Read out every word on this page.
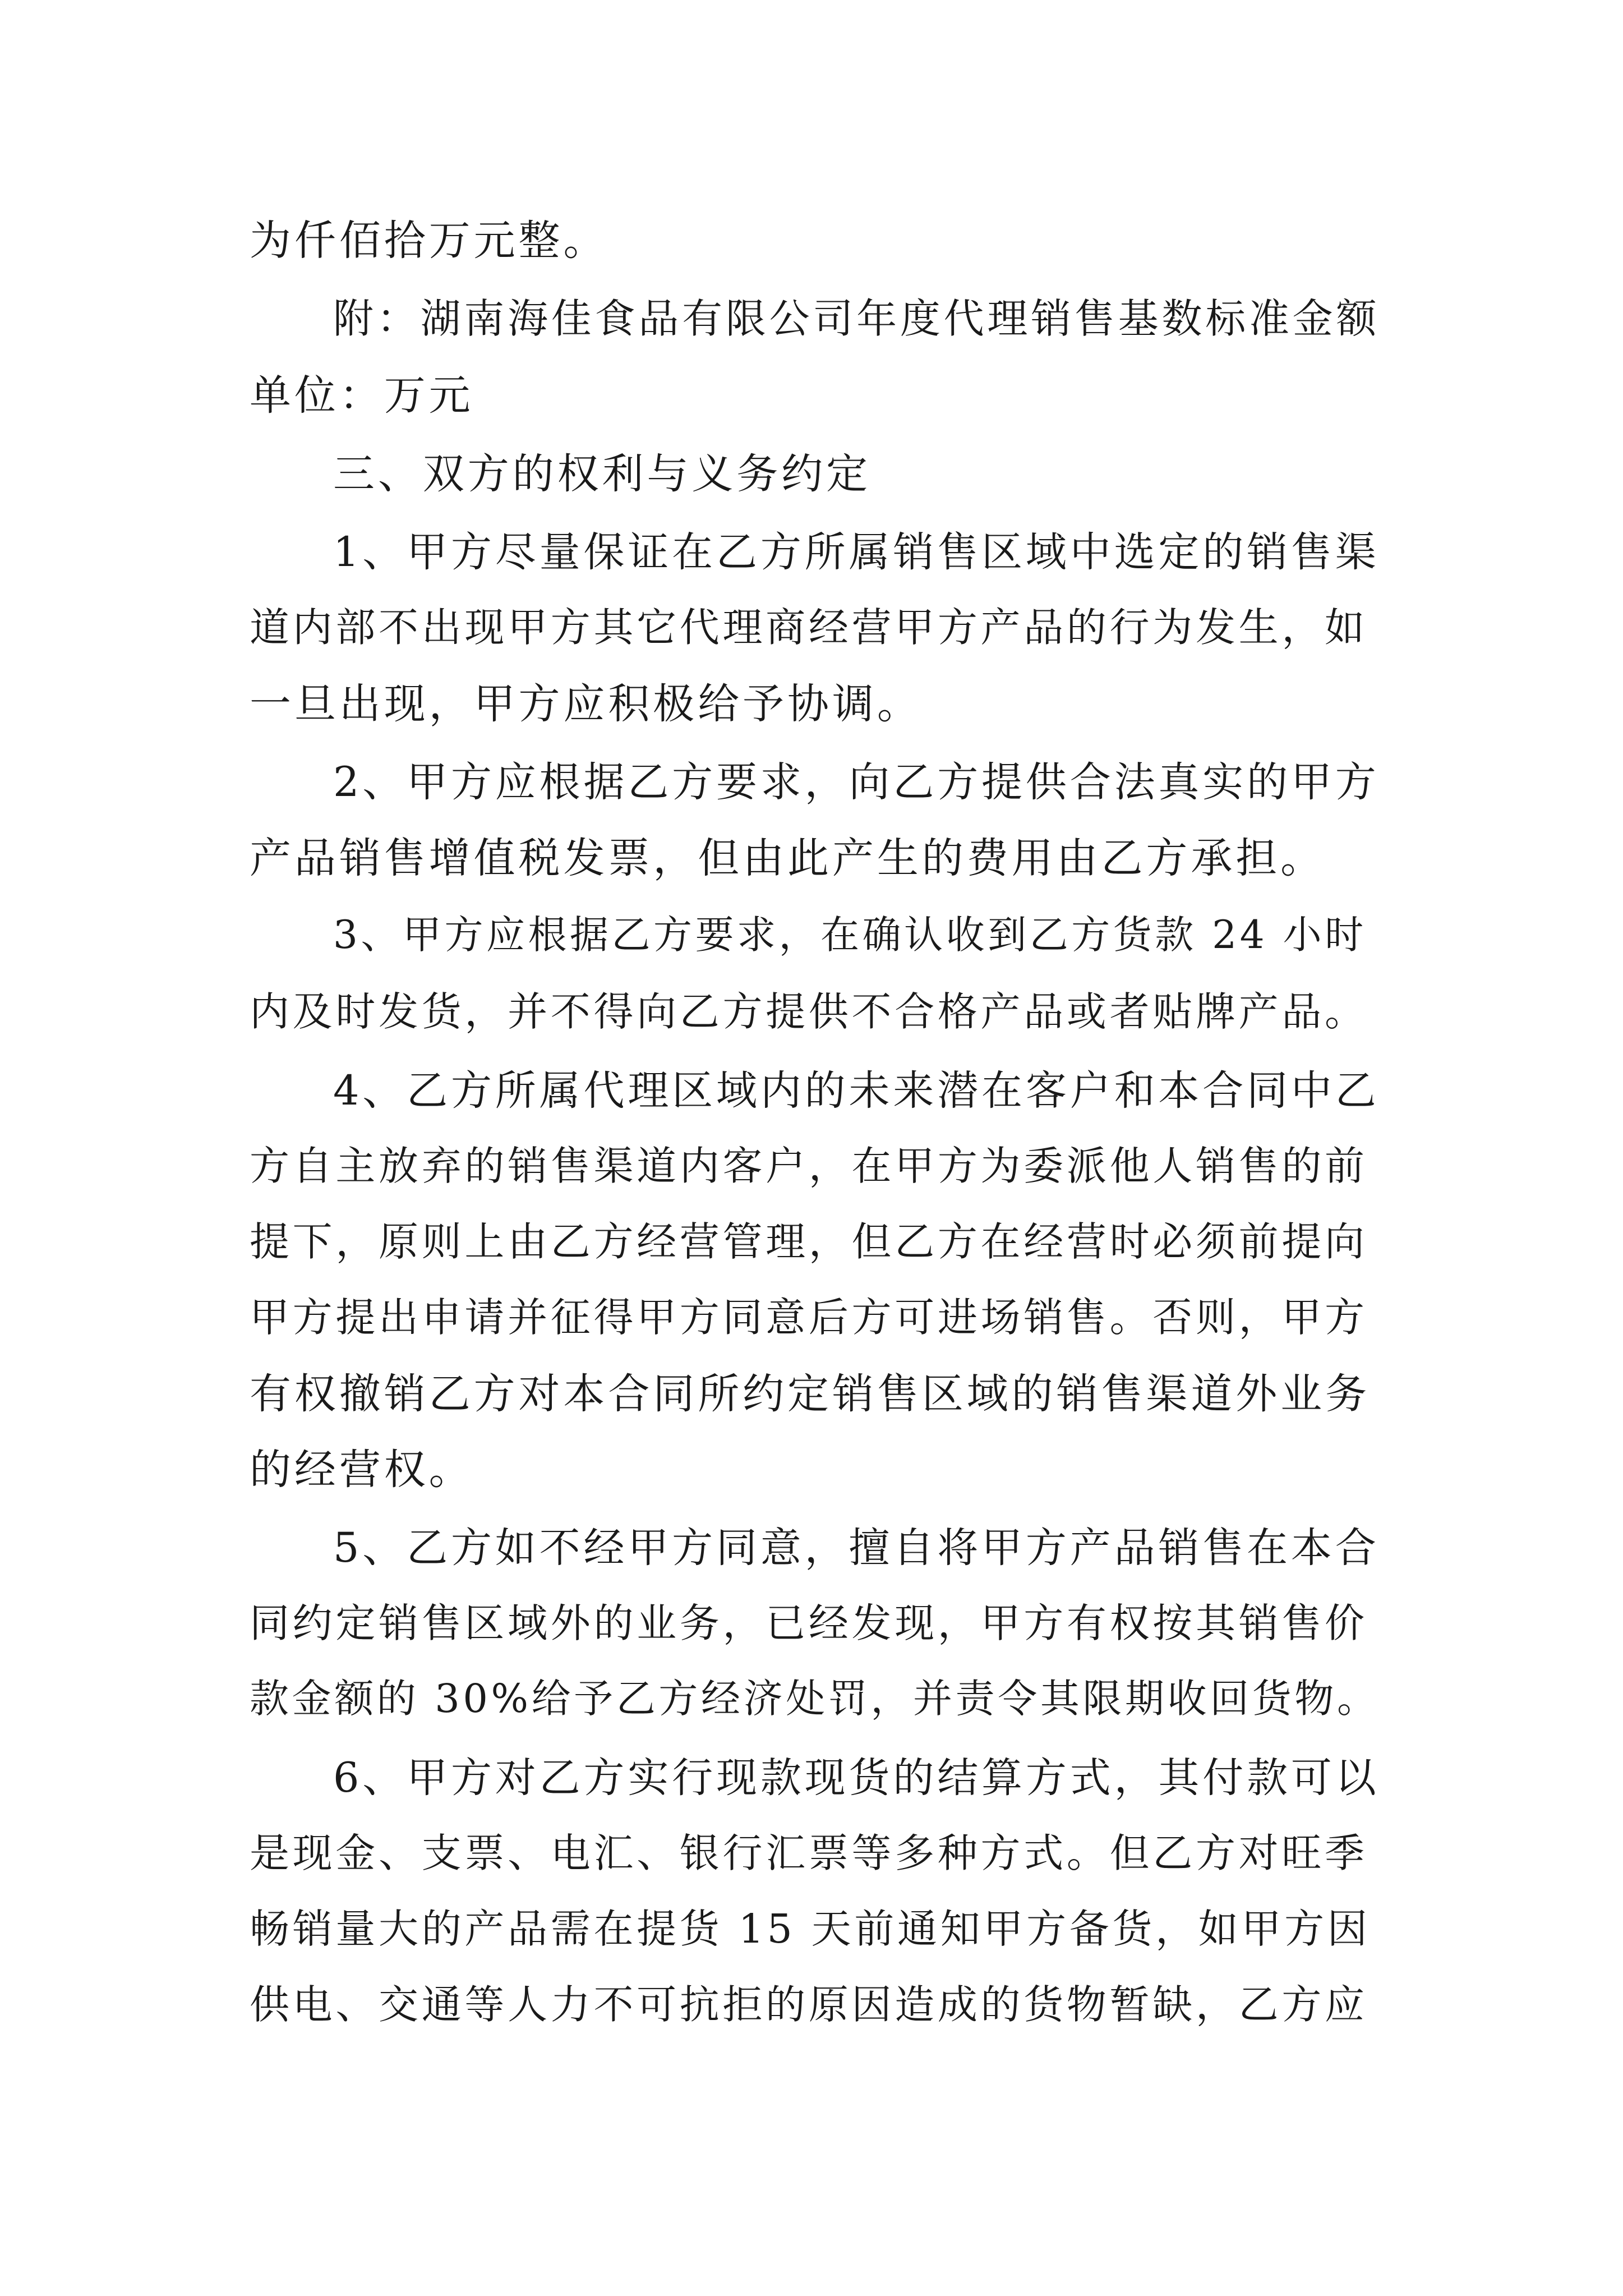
为仟佰拾万元整。

附：湖南海佳食品有限公司年度代理销售基数标准金额

单位：万元

三、双方的权利与义务约定

1、甲方尽量保证在乙方所属销售区域中选定的销售渠

道内部不出现甲方其它代理商经营甲方产品的行为发生，如

一旦出现，甲方应积极给予协调。

2、甲方应根据乙方要求，向乙方提供合法真实的甲方

产品销售增值税发票，但由此产生的费用由乙方承担。

3、甲方应根据乙方要求，在确认收到乙方货款 24 小时

内及时发货，并不得向乙方提供不合格产品或者贴牌产品。

4、乙方所属代理区域内的未来潜在客户和本合同中乙

方自主放弃的销售渠道内客户，在甲方为委派他人销售的前

提下，原则上由乙方经营管理，但乙方在经营时必须前提向

甲方提出申请并征得甲方同意后方可进场销售。否则，甲方

有权撤销乙方对本合同所约定销售区域的销售渠道外业务

的经营权。

5、乙方如不经甲方同意，擅自将甲方产品销售在本合

同约定销售区域外的业务，已经发现，甲方有权按其销售价

款金额的 30%给予乙方经济处罚，并责令其限期收回货物。

6、甲方对乙方实行现款现货的结算方式，其付款可以

是现金、支票、电汇、银行汇票等多种方式。但乙方对旺季

畅销量大的产品需在提货 15 天前通知甲方备货，如甲方因

供电、交通等人力不可抗拒的原因造成的货物暂缺，乙方应
